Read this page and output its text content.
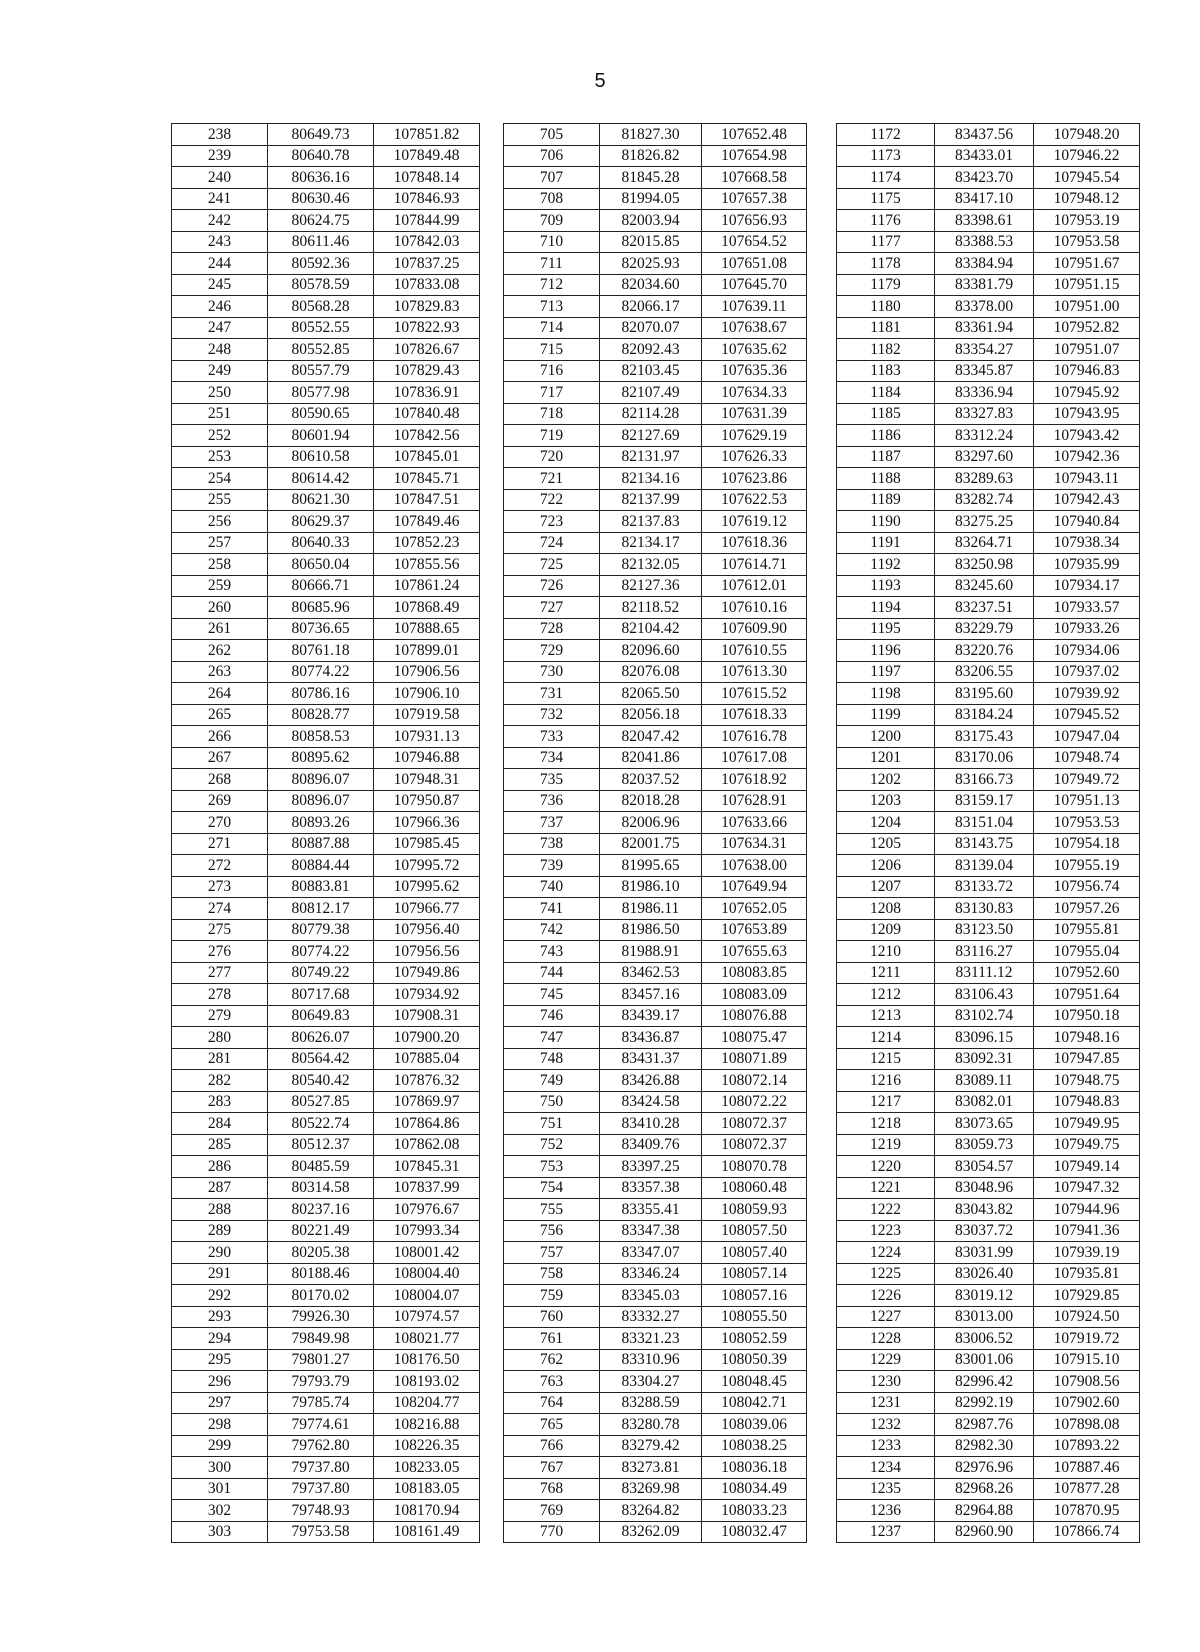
5
238	80649.73	107851.82
239	80640.78	107849.48
240	80636.16	107848.14
241	80630.46	107846.93
242	80624.75	107844.99
243	80611.46	107842.03
244	80592.36	107837.25
245	80578.59	107833.08
246	80568.28	107829.83
247	80552.55	107822.93
248	80552.85	107826.67
249	80557.79	107829.43
250	80577.98	107836.91
251	80590.65	107840.48
252	80601.94	107842.56
253	80610.58	107845.01
254	80614.42	107845.71
255	80621.30	107847.51
256	80629.37	107849.46
257	80640.33	107852.23
258	80650.04	107855.56
259	80666.71	107861.24
260	80685.96	107868.49
261	80736.65	107888.65
262	80761.18	107899.01
263	80774.22	107906.56
264	80786.16	107906.10
265	80828.77	107919.58
266	80858.53	107931.13
267	80895.62	107946.88
268	80896.07	107948.31
269	80896.07	107950.87
270	80893.26	107966.36
271	80887.88	107985.45
272	80884.44	107995.72
273	80883.81	107995.62
274	80812.17	107966.77
275	80779.38	107956.40
276	80774.22	107956.56
277	80749.22	107949.86
278	80717.68	107934.92
279	80649.83	107908.31
280	80626.07	107900.20
281	80564.42	107885.04
282	80540.42	107876.32
283	80527.85	107869.97
284	80522.74	107864.86
285	80512.37	107862.08
286	80485.59	107845.31
287	80314.58	107837.99
288	80237.16	107976.67
289	80221.49	107993.34
290	80205.38	108001.42
291	80188.46	108004.40
292	80170.02	108004.07
293	79926.30	107974.57
294	79849.98	108021.77
295	79801.27	108176.50
296	79793.79	108193.02
297	79785.74	108204.77
298	79774.61	108216.88
299	79762.80	108226.35
300	79737.80	108233.05
301	79737.80	108183.05
302	79748.93	108170.94
303	79753.58	108161.49
705	81827.30	107652.48
706	81826.82	107654.98
707	81845.28	107668.58
708	81994.05	107657.38
709	82003.94	107656.93
710	82015.85	107654.52
711	82025.93	107651.08
712	82034.60	107645.70
713	82066.17	107639.11
714	82070.07	107638.67
715	82092.43	107635.62
716	82103.45	107635.36
717	82107.49	107634.33
718	82114.28	107631.39
719	82127.69	107629.19
720	82131.97	107626.33
721	82134.16	107623.86
722	82137.99	107622.53
723	82137.83	107619.12
724	82134.17	107618.36
725	82132.05	107614.71
726	82127.36	107612.01
727	82118.52	107610.16
728	82104.42	107609.90
729	82096.60	107610.55
730	82076.08	107613.30
731	82065.50	107615.52
732	82056.18	107618.33
733	82047.42	107616.78
734	82041.86	107617.08
735	82037.52	107618.92
736	82018.28	107628.91
737	82006.96	107633.66
738	82001.75	107634.31
739	81995.65	107638.00
740	81986.10	107649.94
741	81986.11	107652.05
742	81986.50	107653.89
743	81988.91	107655.63
744	83462.53	108083.85
745	83457.16	108083.09
746	83439.17	108076.88
747	83436.87	108075.47
748	83431.37	108071.89
749	83426.88	108072.14
750	83424.58	108072.22
751	83410.28	108072.37
752	83409.76	108072.37
753	83397.25	108070.78
754	83357.38	108060.48
755	83355.41	108059.93
756	83347.38	108057.50
757	83347.07	108057.40
758	83346.24	108057.14
759	83345.03	108057.16
760	83332.27	108055.50
761	83321.23	108052.59
762	83310.96	108050.39
763	83304.27	108048.45
764	83288.59	108042.71
765	83280.78	108039.06
766	83279.42	108038.25
767	83273.81	108036.18
768	83269.98	108034.49
769	83264.82	108033.23
770	83262.09	108032.47
1172	83437.56	107948.20
1173	83433.01	107946.22
1174	83423.70	107945.54
1175	83417.10	107948.12
1176	83398.61	107953.19
1177	83388.53	107953.58
1178	83384.94	107951.67
1179	83381.79	107951.15
1180	83378.00	107951.00
1181	83361.94	107952.82
1182	83354.27	107951.07
1183	83345.87	107946.83
1184	83336.94	107945.92
1185	83327.83	107943.95
1186	83312.24	107943.42
1187	83297.60	107942.36
1188	83289.63	107943.11
1189	83282.74	107942.43
1190	83275.25	107940.84
1191	83264.71	107938.34
1192	83250.98	107935.99
1193	83245.60	107934.17
1194	83237.51	107933.57
1195	83229.79	107933.26
1196	83220.76	107934.06
1197	83206.55	107937.02
1198	83195.60	107939.92
1199	83184.24	107945.52
1200	83175.43	107947.04
1201	83170.06	107948.74
1202	83166.73	107949.72
1203	83159.17	107951.13
1204	83151.04	107953.53
1205	83143.75	107954.18
1206	83139.04	107955.19
1207	83133.72	107956.74
1208	83130.83	107957.26
1209	83123.50	107955.81
1210	83116.27	107955.04
1211	83111.12	107952.60
1212	83106.43	107951.64
1213	83102.74	107950.18
1214	83096.15	107948.16
1215	83092.31	107947.85
1216	83089.11	107948.75
1217	83082.01	107948.83
1218	83073.65	107949.95
1219	83059.73	107949.75
1220	83054.57	107949.14
1221	83048.96	107947.32
1222	83043.82	107944.96
1223	83037.72	107941.36
1224	83031.99	107939.19
1225	83026.40	107935.81
1226	83019.12	107929.85
1227	83013.00	107924.50
1228	83006.52	107919.72
1229	83001.06	107915.10
1230	82996.42	107908.56
1231	82992.19	107902.60
1232	82987.76	107898.08
1233	82982.30	107893.22
1234	82976.96	107887.46
1235	82968.26	107877.28
1236	82964.88	107870.95
1237	82960.90	107866.74
